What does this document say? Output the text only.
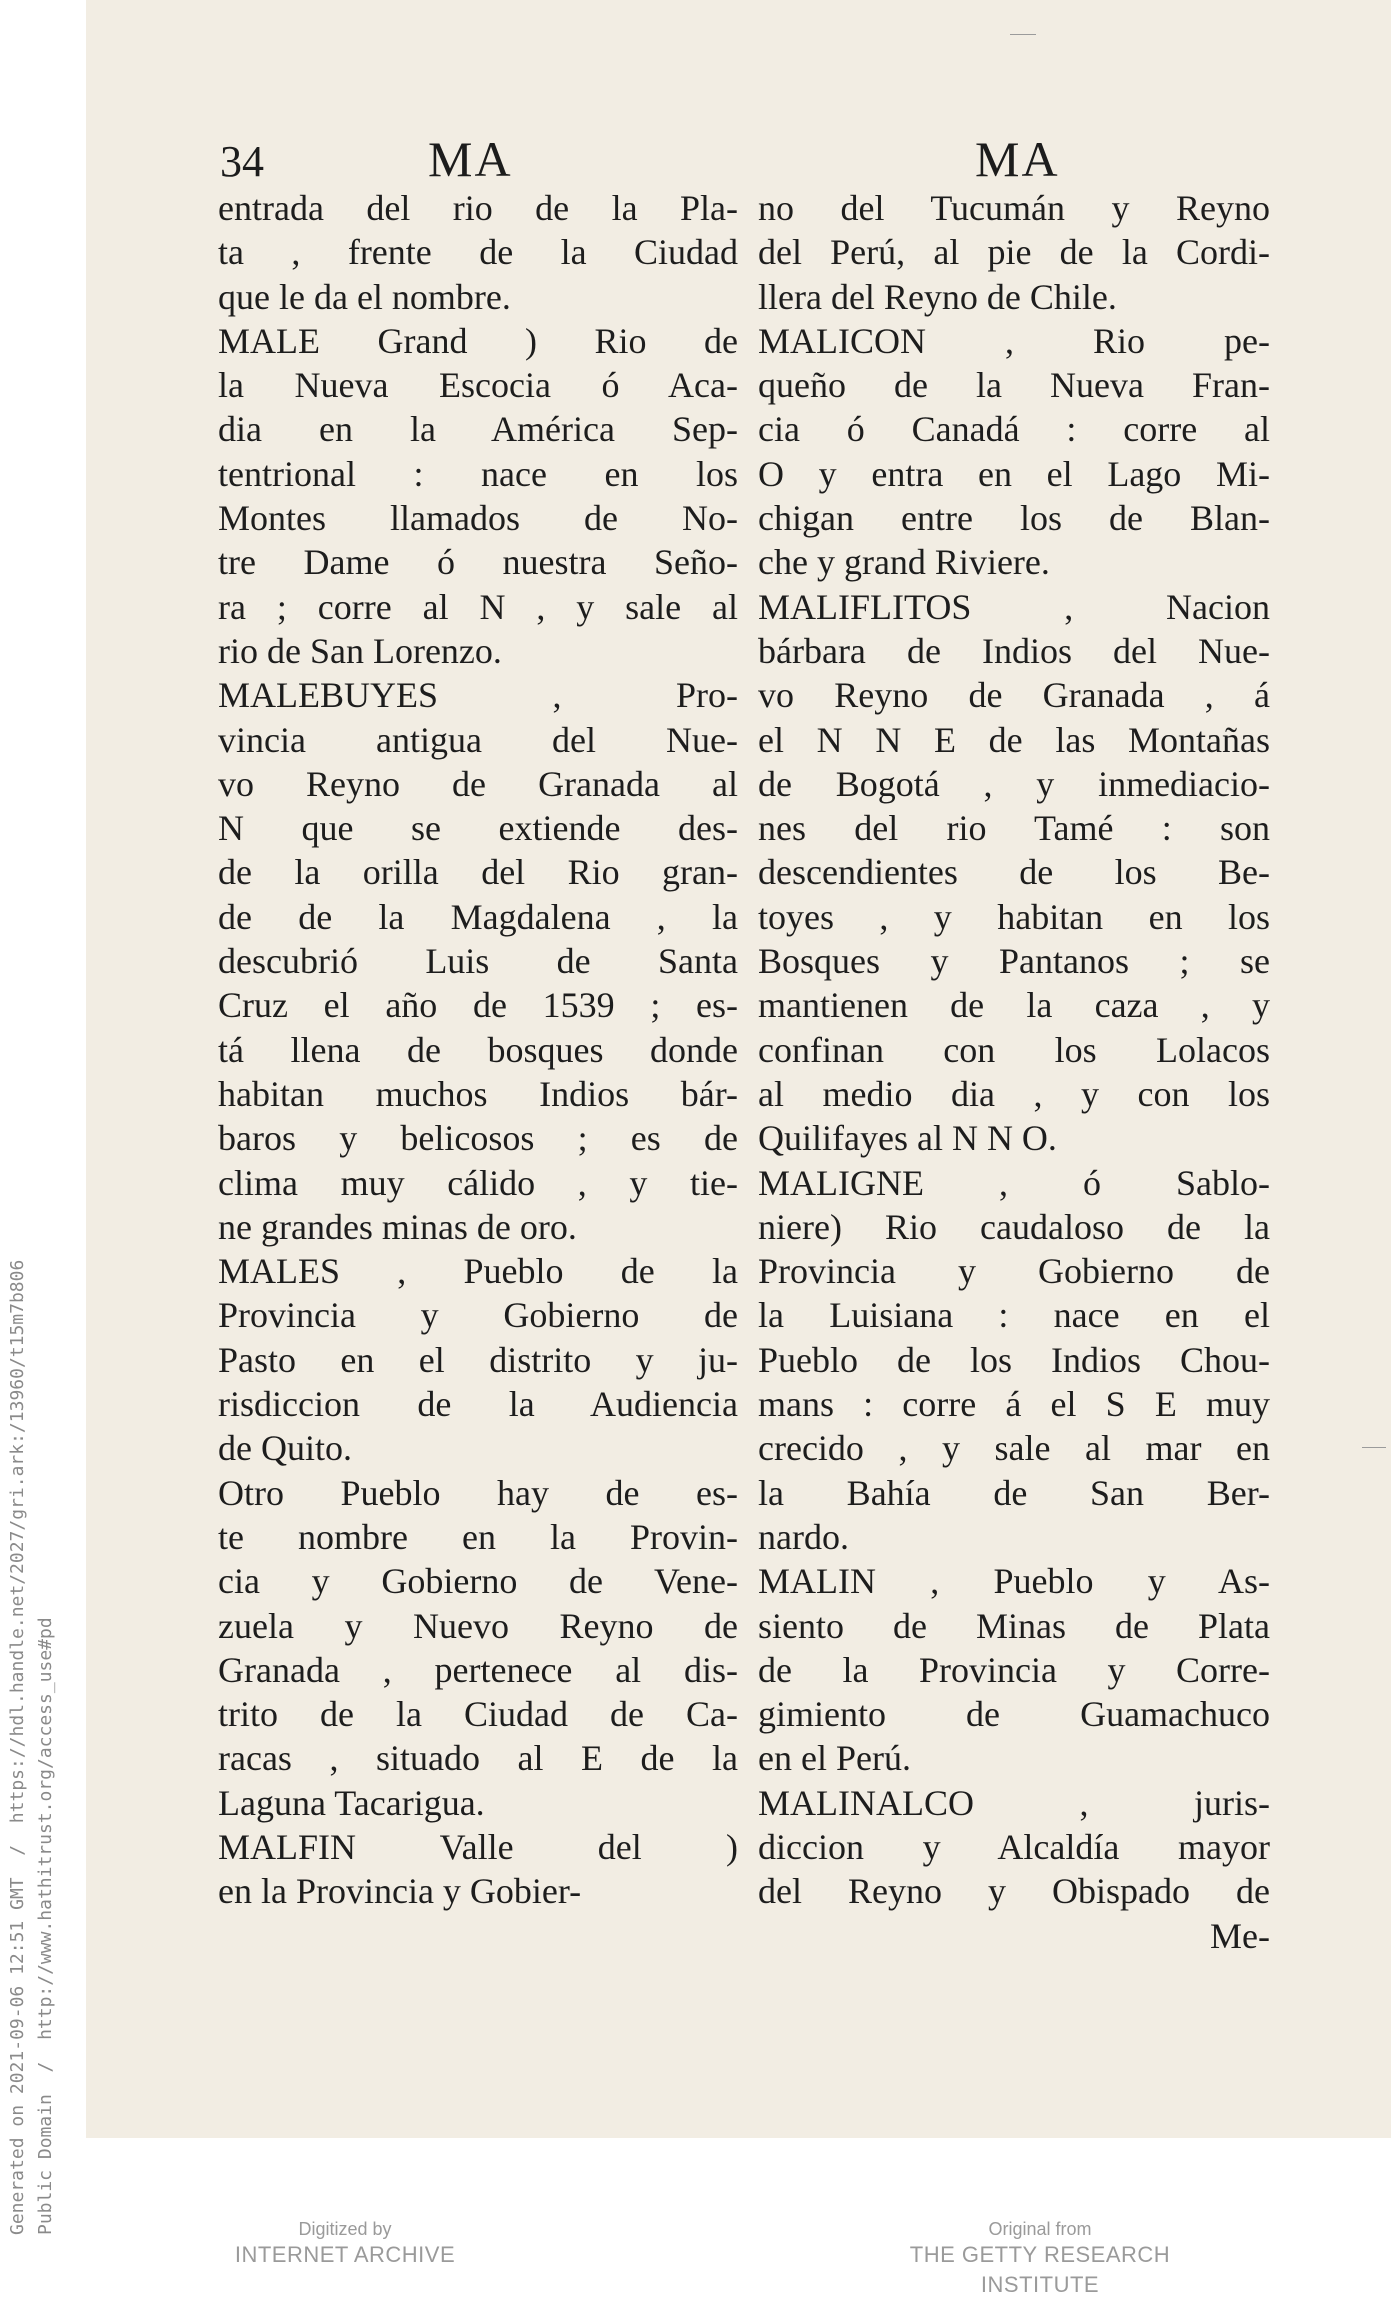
Generated on 2021-09-06 12:51 GMT  /  https://hdl.handle.net/2027/gri.ark:/13960/t15m7b806 Public Domain  /  http://www.hathitrust.org/access_use#pd
34	MA	MA
entrada del rio de la Pla-
ta , frente de la Ciudad
que le da el nombre.
MALE Grand ) Rio de
la Nueva Escocia ó Aca-
dia en la América Sep-
tentrional : nace en los
Montes llamados de No-
tre Dame ó nuestra Seño-
ra ; corre al N , y sale al
rio de San Lorenzo.
MALEBUYES , Pro-
vincia antigua del Nue-
vo Reyno de Granada al
N que se extiende des-
de la orilla del Rio gran-
de de la Magdalena , la
descubrió Luis de Santa
Cruz el año de 1539 ; es-
tá llena de bosques donde
habitan muchos Indios bár-
baros y belicosos ; es de
clima muy cálido , y tie-
ne grandes minas de oro.
MALES , Pueblo de la
Provincia y Gobierno de
Pasto en el distrito y ju-
risdiccion de la Audiencia
de Quito.
Otro Pueblo hay de es-
te nombre en la Provin-
cia y Gobierno de Vene-
zuela y Nuevo Reyno de
Granada , pertenece al dis-
trito de la Ciudad de Ca-
racas , situado al E de la
Laguna Tacarigua.
MALFIN Valle del )
en la Provincia y Gobier-
no del Tucumán y Reyno
del Perú, al pie de la Cordi-
llera del Reyno de Chile.
MALICON , Rio pe-
queño de la Nueva Fran-
cia ó Canadá : corre al
O y entra en el Lago Mi-
chigan entre los de Blan-
che y grand Riviere.
MALIFLITOS , Nacion
bárbara de Indios del Nue-
vo Reyno de Granada , á
el N N E de las Montañas
de Bogotá , y inmediacio-
nes del rio Tamé : son
descendientes de los Be-
toyes , y habitan en los
Bosques y Pantanos ; se
mantienen de la caza , y
confinan con los Lolacos
al medio dia , y con los
Quilifayes al N N O.
MALIGNE , ó Sablo-
niere) Rio caudaloso de la
Provincia y Gobierno de
la Luisiana : nace en el
Pueblo de los Indios Chou-
mans : corre á el S E muy
crecido , y sale al mar en
la Bahía de San Ber-
nardo.
MALIN , Pueblo y As-
siento de Minas de Plata
de la Provincia y Corre-
gimiento de Guamachuco
en el Perú.
MALINALCO , juris-
diccion y Alcaldía mayor
del Reyno y Obispado de
Me-
Digitized by
INTERNET ARCHIVE
Original from
THE GETTY RESEARCH INSTITUTE
